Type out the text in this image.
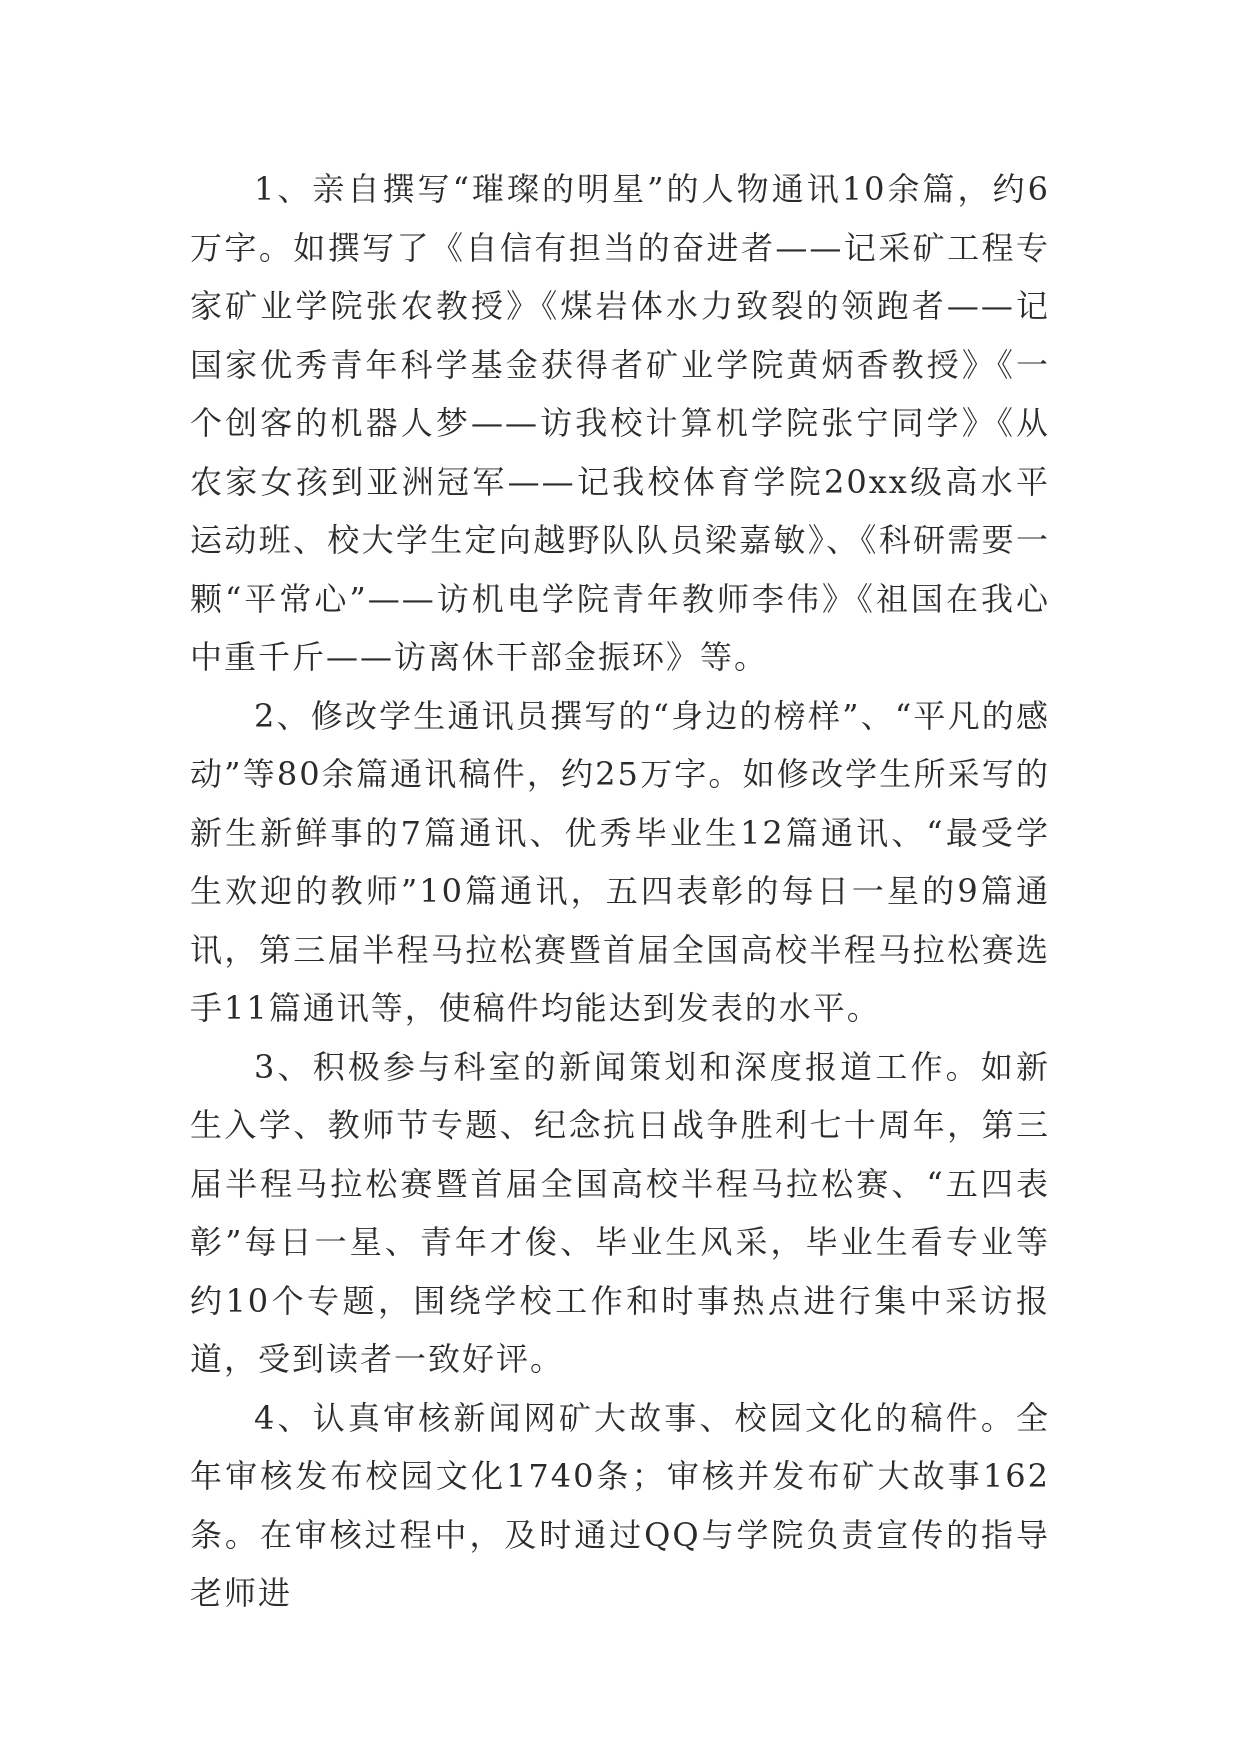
1、亲自撰写“璀璨的明星”的人物通讯10余篇，约6万字。如撰写了《自信有担当的奋进者——记采矿工程专家矿业学院张农教授》《煤岩体水力致裂的领跑者——记国家优秀青年科学基金获得者矿业学院黄炳香教授》《一个创客的机器人梦——访我校计算机学院张宁同学》《从农家女孩到亚洲冠军——记我校体育学院20xx级高水平运动班、校大学生定向越野队队员梁嘉敏》、《科研需要一颗“平常心”——访机电学院青年教师李伟》《祖国在我心中重千斤——访离休干部金振环》等。

2、修改学生通讯员撰写的“身边的榜样”、“平凡的感动”等80余篇通讯稿件，约25万字。如修改学生所采写的新生新鲜事的7篇通讯、优秀毕业生12篇通讯、“最受学生欢迎的教师”10篇通讯，五四表彰的每日一星的9篇通讯，第三届半程马拉松赛暨首届全国高校半程马拉松赛选手11篇通讯等，使稿件均能达到发表的水平。

3、积极参与科室的新闻策划和深度报道工作。如新生入学、教师节专题、纪念抗日战争胜利七十周年，第三届半程马拉松赛暨首届全国高校半程马拉松赛、“五四表彰”每日一星、青年才俊、毕业生风采，毕业生看专业等约10个专题，围绕学校工作和时事热点进行集中采访报道，受到读者一致好评。

4、认真审核新闻网矿大故事、校园文化的稿件。全年审核发布校园文化1740条；审核并发布矿大故事162条。在审核过程中，及时通过QQ与学院负责宣传的指导老师进
